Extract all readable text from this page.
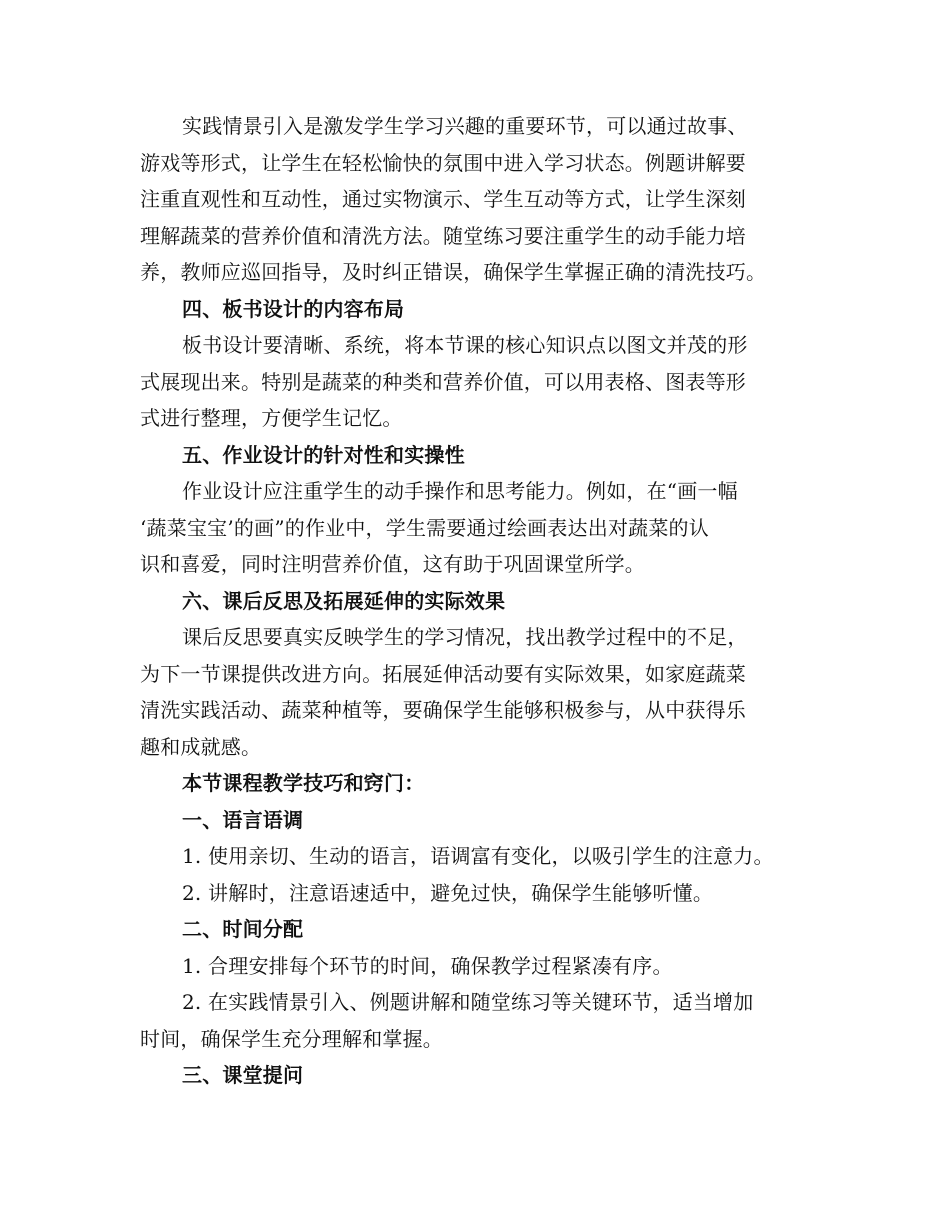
实践情景引入是激发学生学习兴趣的重要环节，可以通过故事、

游戏等形式，让学生在轻松愉快的氛围中进入学习状态。例题讲解要

注重直观性和互动性，通过实物演示、学生互动等方式，让学生深刻

理解蔬菜的营养价值和清洗方法。随堂练习要注重学生的动手能力培

养，教师应巡回指导，及时纠正错误，确保学生掌握正确的清洗技巧。

四、板书设计的内容布局

板书设计要清晰、系统，将本节课的核心知识点以图文并茂的形

式展现出来。特别是蔬菜的种类和营养价值，可以用表格、图表等形

式进行整理，方便学生记忆。

五、作业设计的针对性和实操性

作业设计应注重学生的动手操作和思考能力。例如，在“画一幅

‘蔬菜宝宝’的画”的作业中，学生需要通过绘画表达出对蔬菜的认

识和喜爱，同时注明营养价值，这有助于巩固课堂所学。

六、课后反思及拓展延伸的实际效果

课后反思要真实反映学生的学习情况，找出教学过程中的不足，

为下一节课提供改进方向。拓展延伸活动要有实际效果，如家庭蔬菜

清洗实践活动、蔬菜种植等，要确保学生能够积极参与，从中获得乐

趣和成就感。

本节课程教学技巧和窍门：

一、语言语调

1. 使用亲切、生动的语言，语调富有变化，以吸引学生的注意力。

2. 讲解时，注意语速适中，避免过快，确保学生能够听懂。

二、时间分配

1. 合理安排每个环节的时间，确保教学过程紧凑有序。

2. 在实践情景引入、例题讲解和随堂练习等关键环节，适当增加

时间，确保学生充分理解和掌握。

三、课堂提问
